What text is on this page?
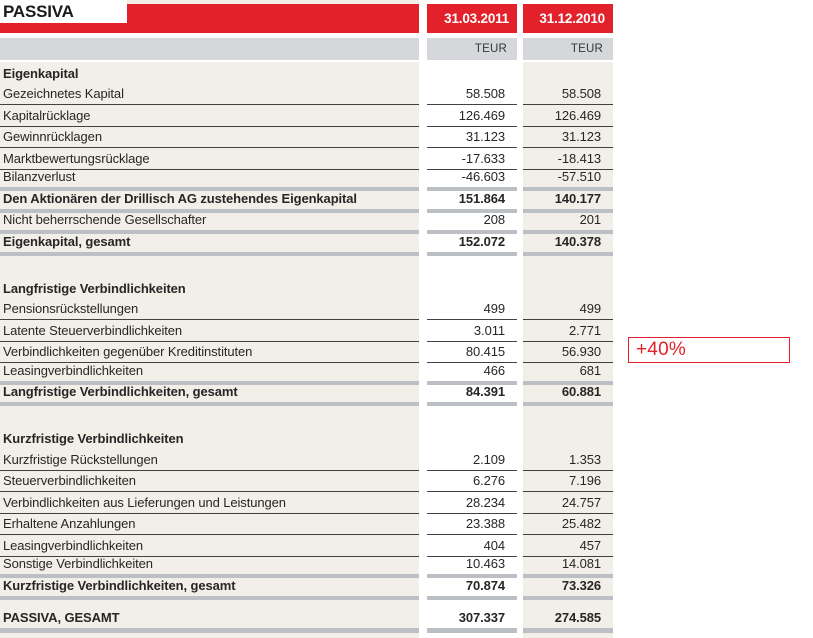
PASSIVA	31.03.2011	31.12.2010
TEUR	TEUR
Eigenkapital
Gezeichnetes Kapital	58.508	58.508
Kapitalrücklage	126.469	126.469
Gewinnrücklagen	31.123	31.123
Marktbewertungsrücklage	-17.633	-18.413
Bilanzverlust	-46.603	-57.510
Den Aktionären der Drillisch AG zustehendes Eigenkapital	151.864	140.177
Nicht beherrschende Gesellschafter	208	201
Eigenkapital, gesamt	152.072	140.378
Langfristige Verbindlichkeiten
Pensionsrückstellungen	499	499
Latente Steuerverbindlichkeiten	3.011	2.771
Verbindlichkeiten gegenüber Kreditinstituten	80.415	56.930
Leasingverbindlichkeiten	466	681
Langfristige Verbindlichkeiten, gesamt	84.391	60.881
Kurzfristige Verbindlichkeiten
Kurzfristige Rückstellungen	2.109	1.353
Steuerverbindlichkeiten	6.276	7.196
Verbindlichkeiten aus Lieferungen und Leistungen	28.234	24.757
Erhaltene Anzahlungen	23.388	25.482
Leasingverbindlichkeiten	404	457
Sonstige Verbindlichkeiten	10.463	14.081
Kurzfristige Verbindlichkeiten, gesamt	70.874	73.326
PASSIVA, GESAMT	307.337	274.585
+40%
